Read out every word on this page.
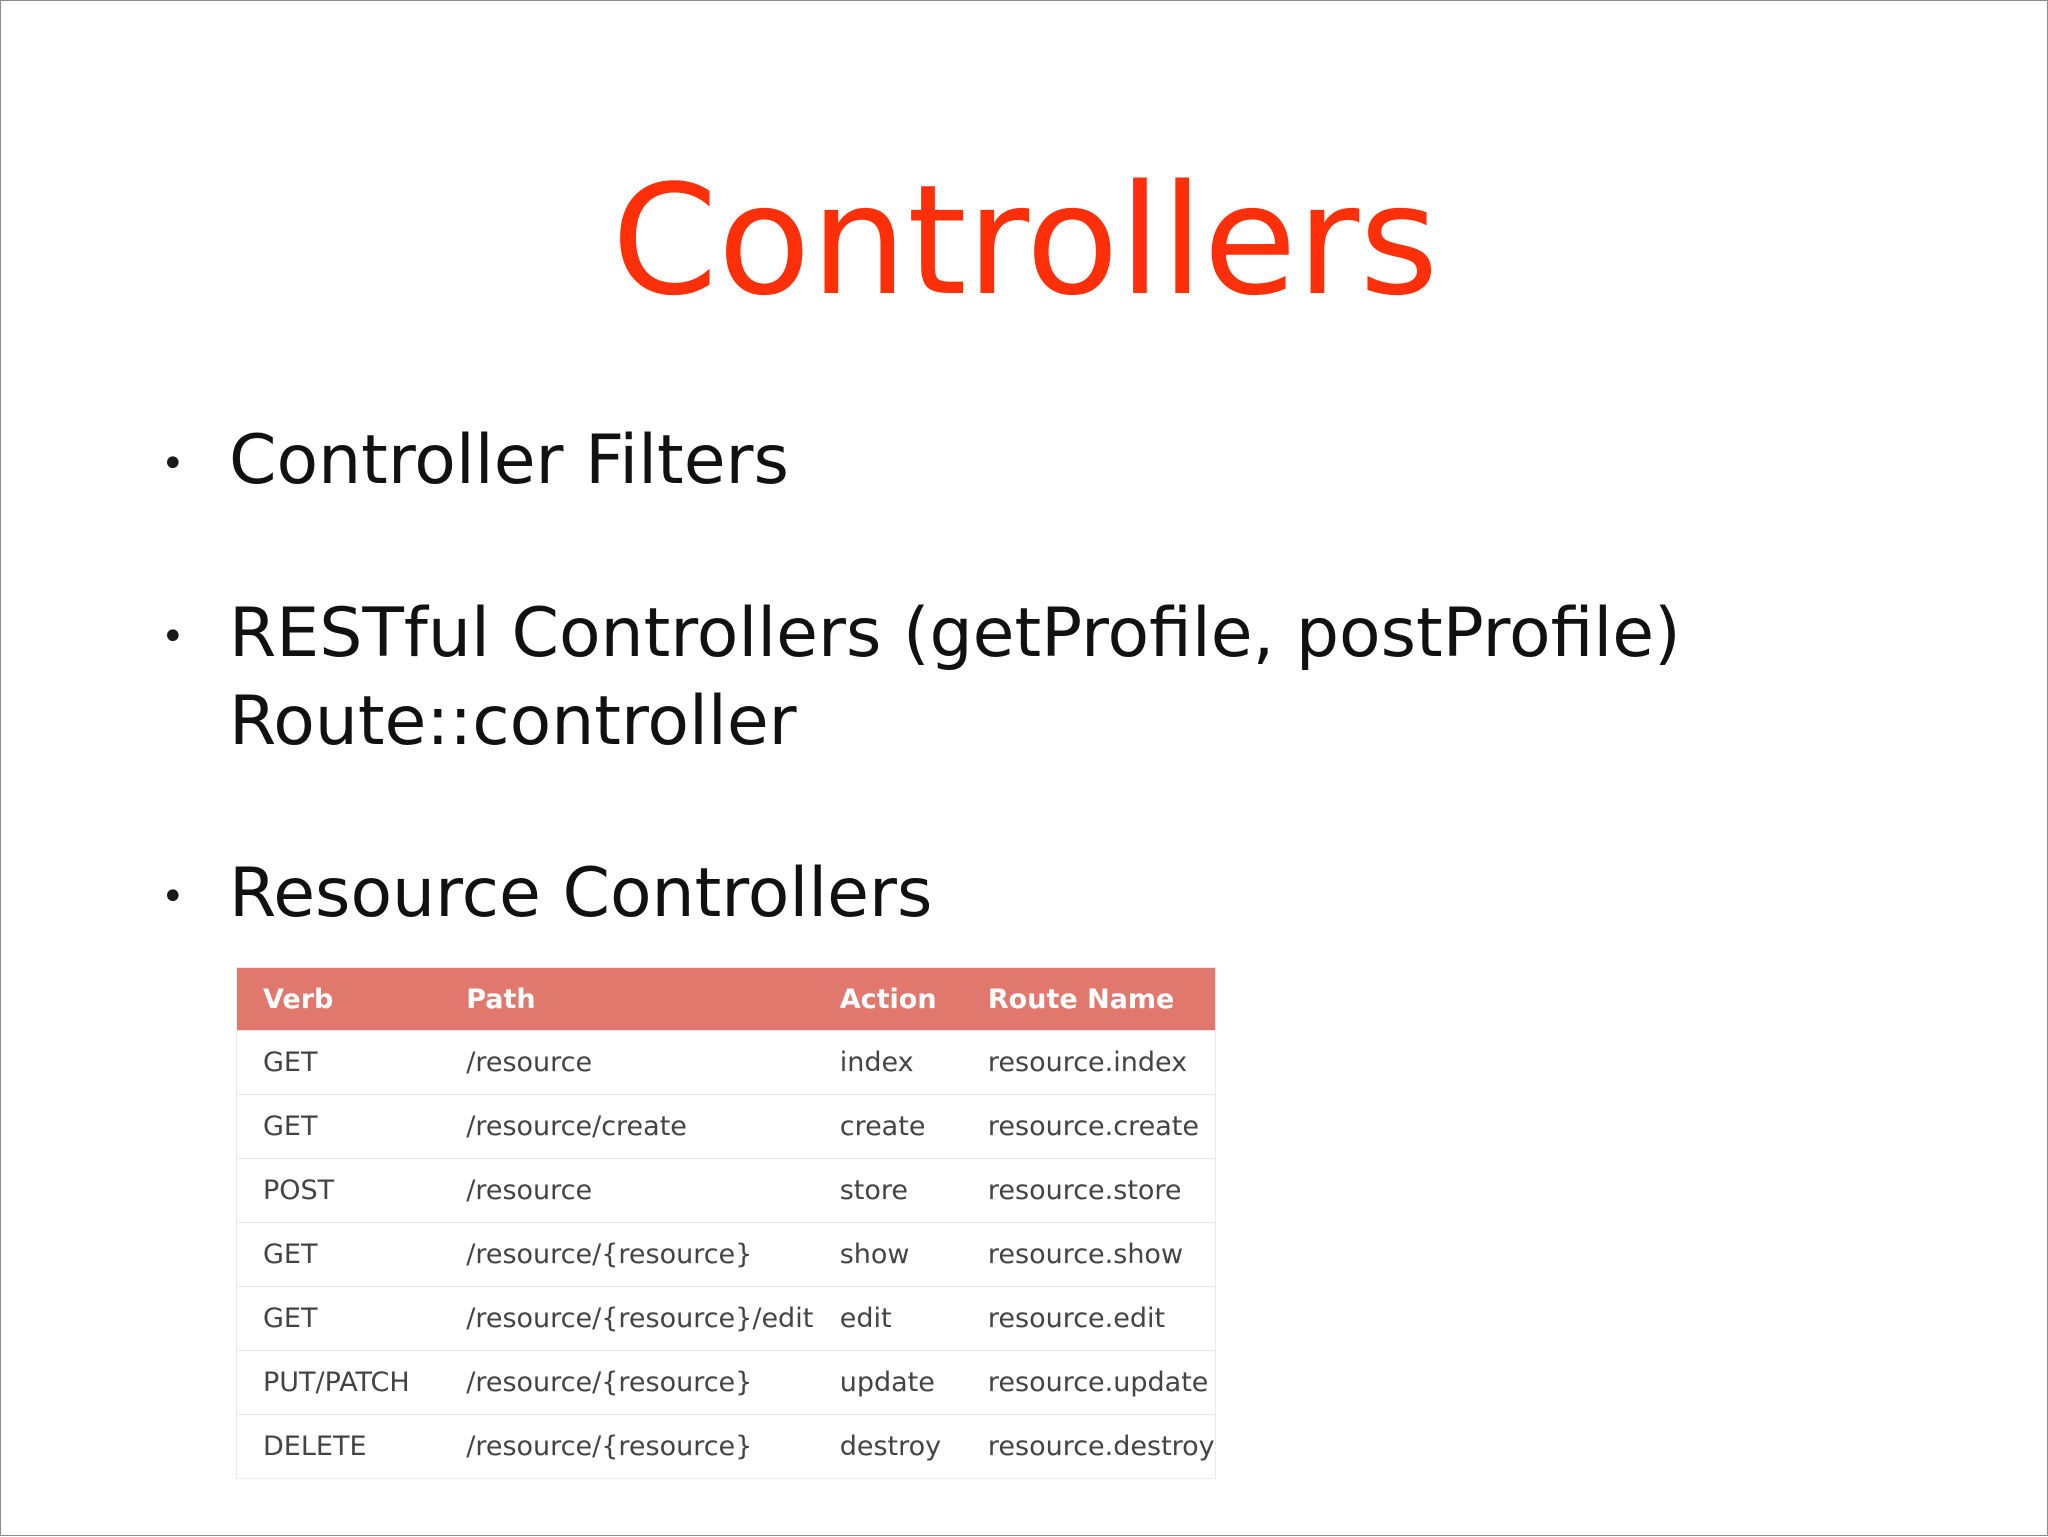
Controllers
• Controller Filters
• RESTful Controllers (getProfile, postProfile)
Route::controller
• Resource Controllers
Verb	Path	Action	Route Name
GET	/resource	index	resource.index
GET	/resource/create	create	resource.create
POST	/resource	store	resource.store
GET	/resource/{resource}	show	resource.show
GET	/resource/{resource}/edit	edit	resource.edit
PUT/PATCH	/resource/{resource}	update	resource.update
DELETE	/resource/{resource}	destroy	resource.destroy
